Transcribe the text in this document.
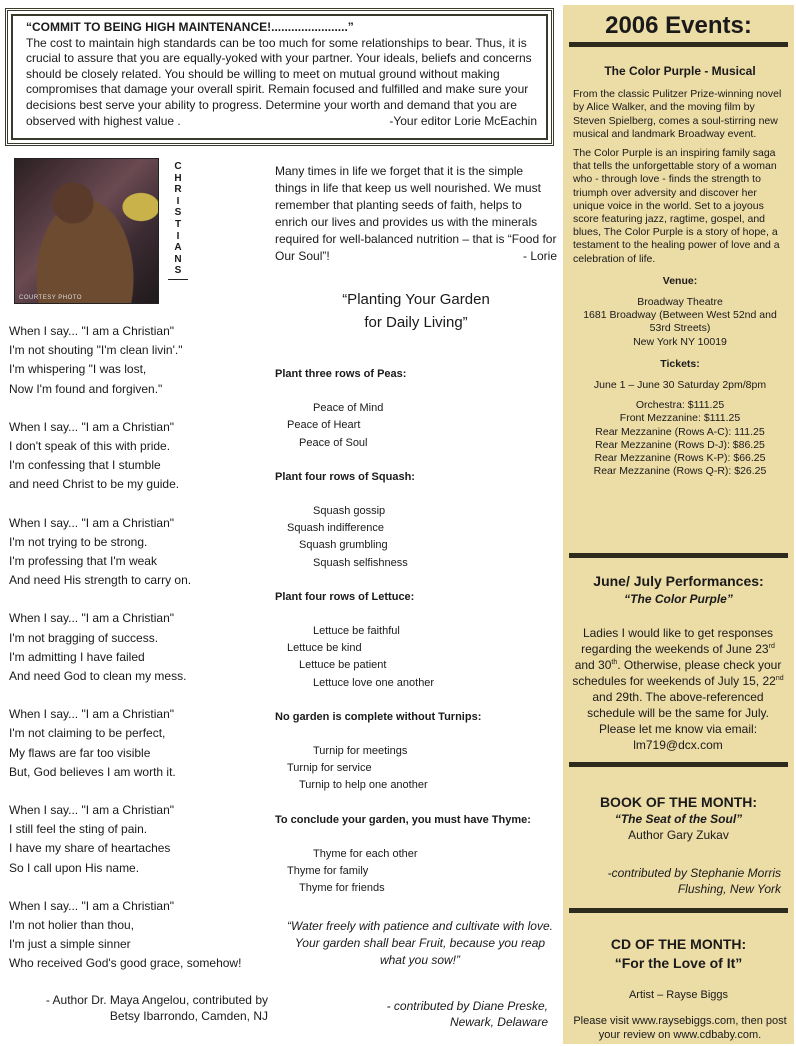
“COMMIT TO BEING HIGH MAINTENANCE!.......................”

The cost to maintain high standards can be too much for some relationships to bear. Thus, it is crucial to assure that you are equally-yoked with your partner. Your ideals, beliefs and concerns should be closely related. You should be willing to meet on mutual ground without making compromises that damage your overall spirit. Remain focused and fulfilled and make sure your decisions best serve your ability to progress. Determine your worth and demand that you are observed with highest value .	-Your editor Lorie McEachin
COURTESY PHOTO
C
H
R
I
S
T
I
A
N
S
When I say... "I am a Christian"
I'm not shouting "I'm clean livin'."
I'm whispering "I was lost,
Now I'm found and forgiven."
When I say... "I am a Christian"
I don't speak of this with pride.
I'm confessing that I stumble
and need Christ to be my guide.
When I say... "I am a Christian"
I'm not trying to be strong.
I'm professing that I'm weak
And need His strength to carry on.
When I say... "I am a Christian"
I'm not bragging of success.
I'm admitting I have failed
And need God to clean my mess.
When I say... "I am a Christian"
I'm not claiming to be perfect,
My flaws are far too visible
But, God believes I am worth it.
When I say... "I am a Christian"
I still feel the sting of pain.
I have my share of heartaches
So I call upon His name.
When I say... "I am a Christian"
I'm not holier than thou,
I'm just a simple sinner
Who received God's good grace, somehow!
- Author Dr. Maya Angelou, contributed by
Betsy Ibarrondo, Camden, NJ
Many times in life we forget that it is the simple things in life that keep us well nourished. We must remember that planting seeds of faith, helps to enrich our lives and provides us with the minerals required for well-balanced nutrition – that is “Food for Our Soul”!	- Lorie
“Planting Your Garden
for Daily Living”
Plant three rows of Peas:
Peace of Mind
Peace of Heart
Peace of Soul
Plant four rows of Squash:
Squash gossip
Squash indifference
Squash grumbling
Squash selfishness
Plant four rows of Lettuce:
Lettuce be faithful
Lettuce be kind
Lettuce be patient
Lettuce love one another
No garden is complete without Turnips:
Turnip for meetings
Turnip for service
Turnip to help one another
To conclude your garden, you must have Thyme:
Thyme for each other
Thyme for family
Thyme for friends
“Water freely with patience and cultivate with love. Your garden shall bear Fruit, because you reap what you sow!”
- contributed by Diane Preske,
Newark, Delaware
2006 Events:
The Color Purple - Musical

From the classic Pulitzer Prize-winning novel by Alice Walker, and the moving film by Steven Spielberg, comes a soul-stirring new musical and landmark Broadway event.

The Color Purple is an inspiring family saga that tells the unforgettable story of a woman who - through love - finds the strength to triumph over adversity and discover her unique voice in the world. Set to a joyous score featuring jazz, ragtime, gospel, and blues, The Color Purple is a story of hope, a testament to the healing power of love and a celebration of life.

Venue:
Broadway Theatre
1681 Broadway (Between West 52nd and 53rd Streets)
New York NY 10019
Tickets:
June 1 – June 30 Saturday 2pm/8pm
Orchestra: $111.25
Front Mezzanine: $111.25
Rear Mezzanine (Rows A-C): 111.25
Rear Mezzanine (Rows D-J): $86.25
Rear Mezzanine (Rows K-P): $66.25
Rear Mezzanine (Rows Q-R): $26.25
June/ July Performances:
“The Color Purple”
Ladies I would like to get responses regarding the weekends of June 23rd and 30th. Otherwise, please check your schedules for weekends of July 15, 22nd and 29th. The above-referenced schedule will be the same for July. Please let me know via email: lm719@dcx.com
BOOK OF THE MONTH:
“The Seat of the Soul”
Author Gary Zukav
-contributed by Stephanie Morris
Flushing, New York
CD OF THE MONTH:
“For the Love of It”
Artist – Rayse Biggs
Please visit www.raysebiggs.com, then post your review on www.cdbaby.com.
